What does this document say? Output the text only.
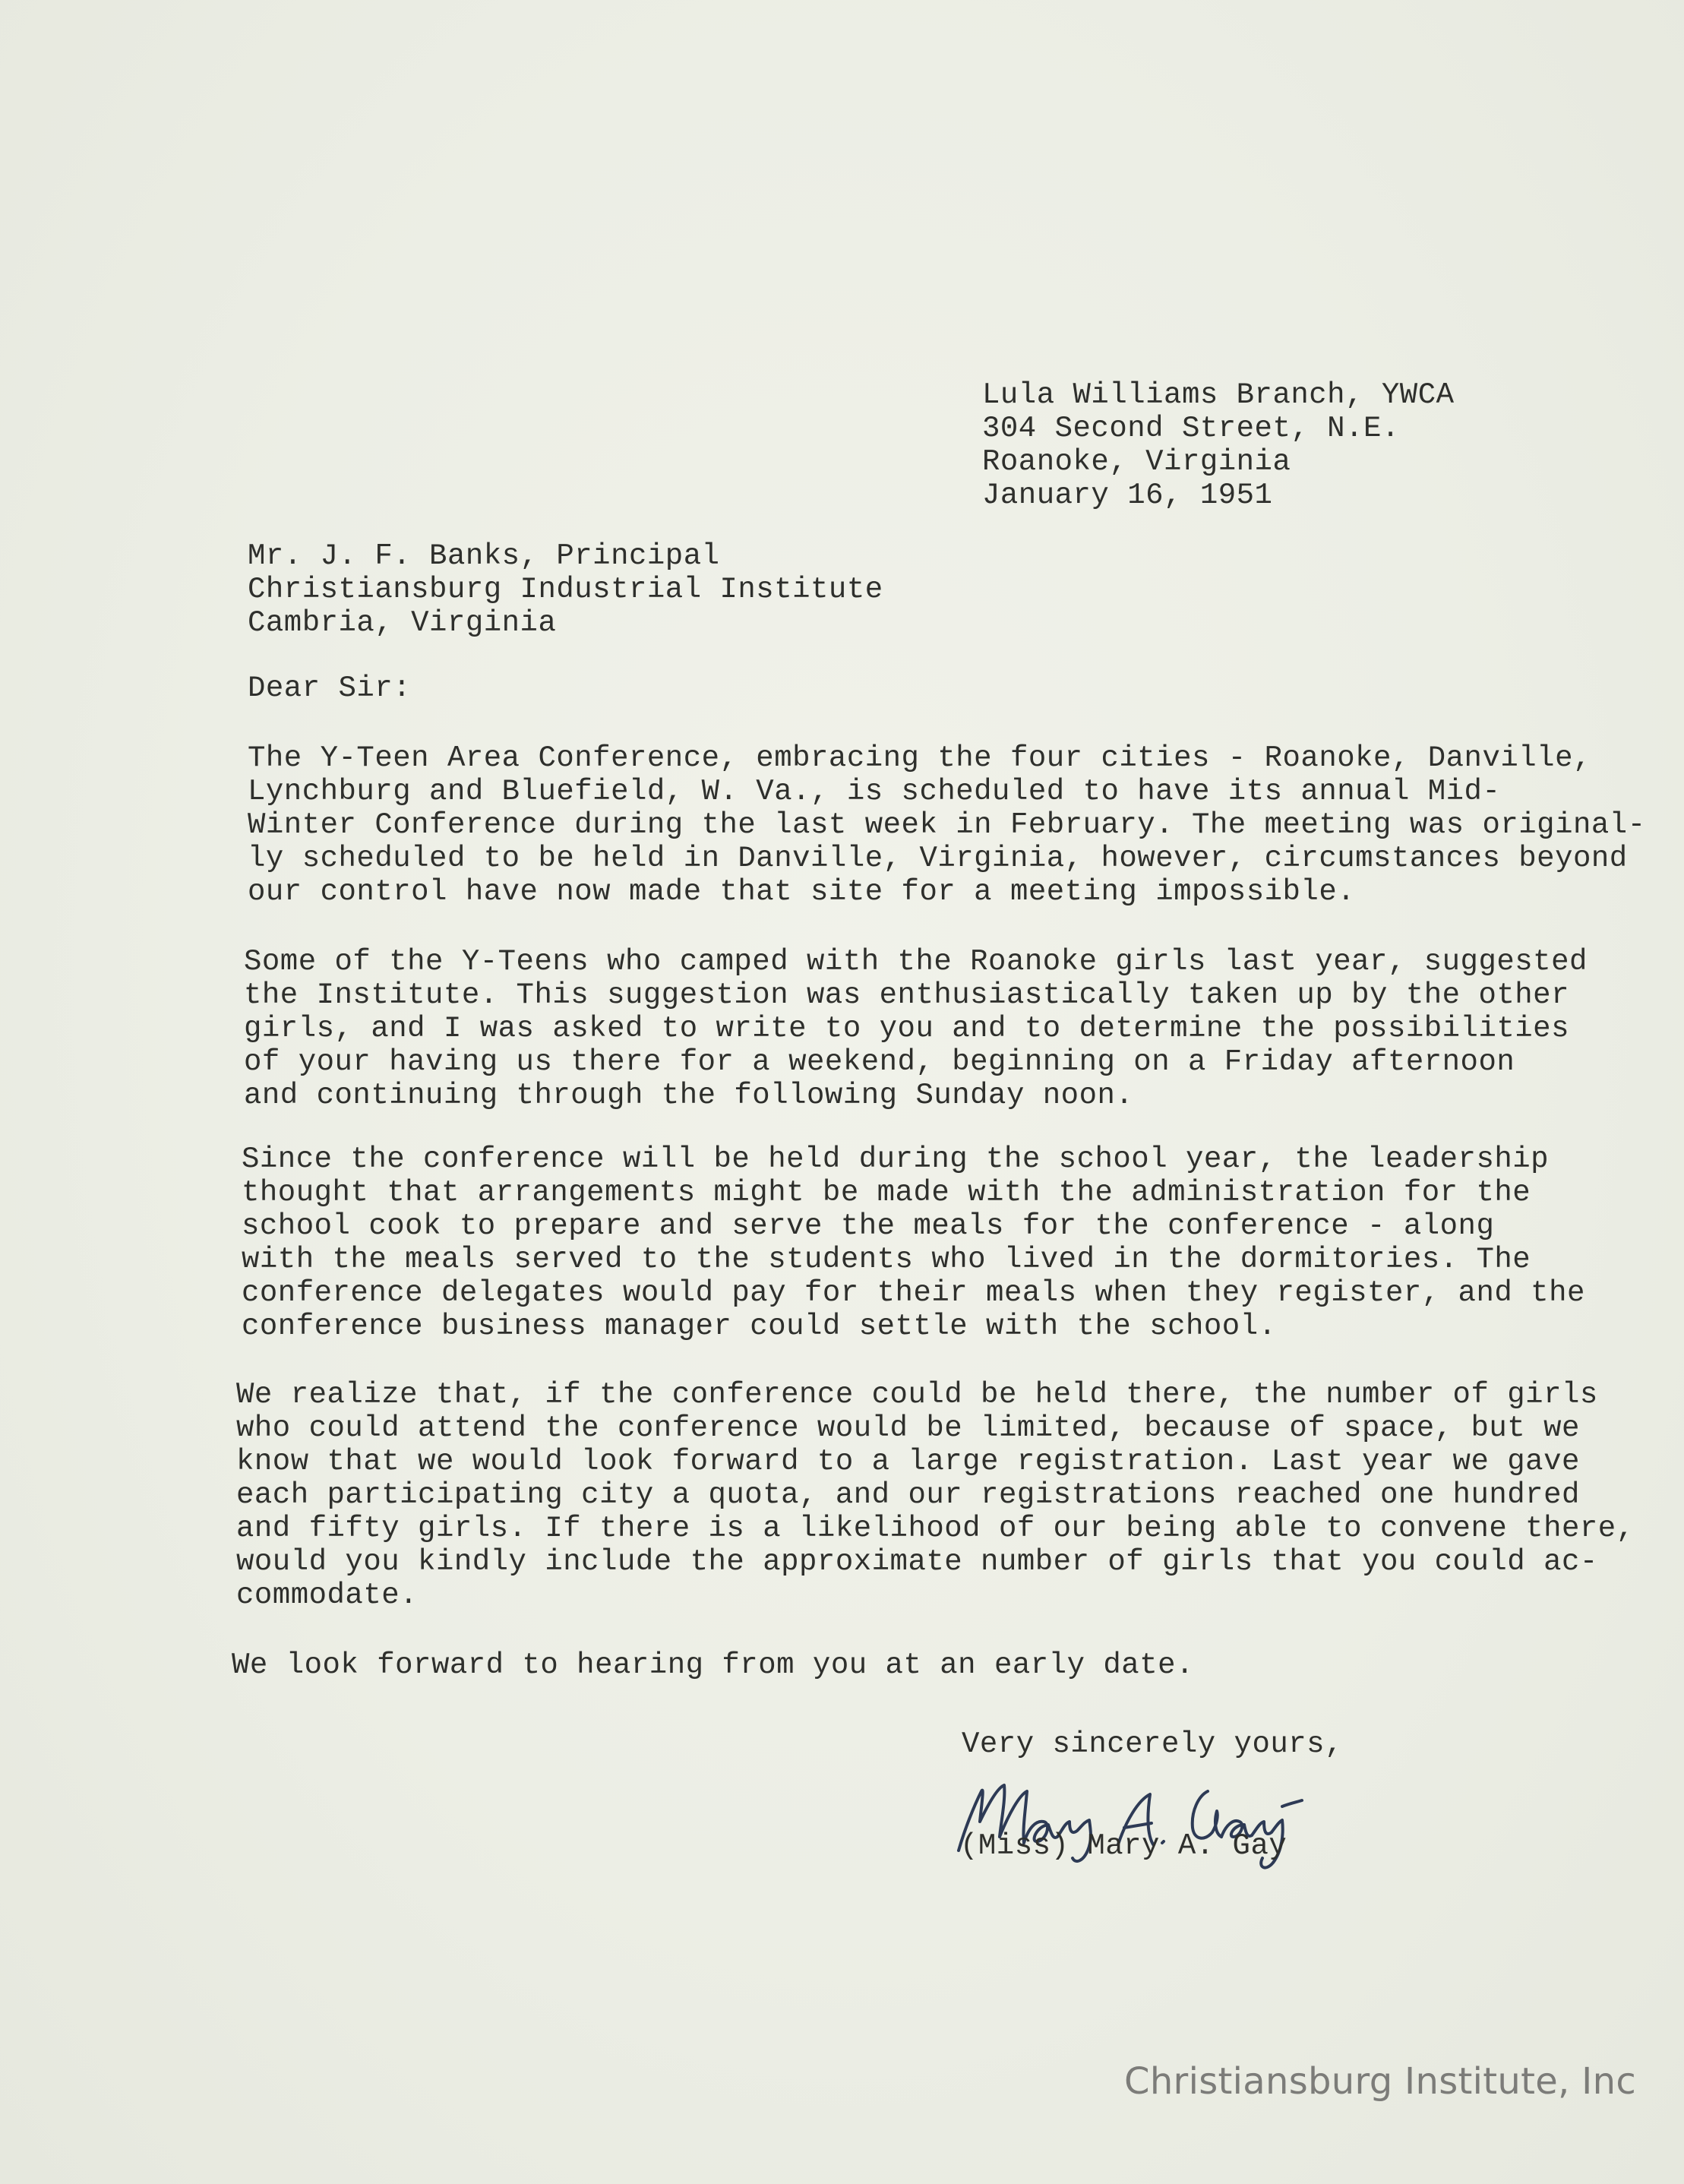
Lula Williams Branch, YWCA

304 Second Street, N.E.

Roanoke, Virginia

January 16, 1951

Mr. J. F. Banks, Principal

Christiansburg Industrial Institute

Cambria, Virginia

Dear Sir:

The Y-Teen Area Conference, embracing the four cities - Roanoke, Danville,

Lynchburg and Bluefield, W. Va., is scheduled to have its annual Mid-

Winter Conference during the last week in February. The meeting was original-

ly scheduled to be held in Danville, Virginia, however, circumstances beyond

our control have now made that site for a meeting impossible.

Some of the Y-Teens who camped with the Roanoke girls last year, suggested

the Institute. This suggestion was enthusiastically taken up by the other

girls, and I was asked to write to you and to determine the possibilities

of your having us there for a weekend, beginning on a Friday afternoon

and continuing through the following Sunday noon.

Since the conference will be held during the school year, the leadership

thought that arrangements might be made with the administration for the

school cook to prepare and serve the meals for the conference - along

with the meals served to the students who lived in the dormitories. The

conference delegates would pay for their meals when they register, and the

conference business manager could settle with the school.

We realize that, if the conference could be held there, the number of girls

who could attend the conference would be limited, because of space, but we

know that we would look forward to a large registration. Last year we gave

each participating city a quota, and our registrations reached one hundred

and fifty girls. If there is a likelihood of our being able to convene there,

would you kindly include the approximate number of girls that you could ac-

commodate.

We look forward to hearing from you at an early date.

Very sincerely yours,

(Miss) Mary A. Gay

Christiansburg Institute, Inc
